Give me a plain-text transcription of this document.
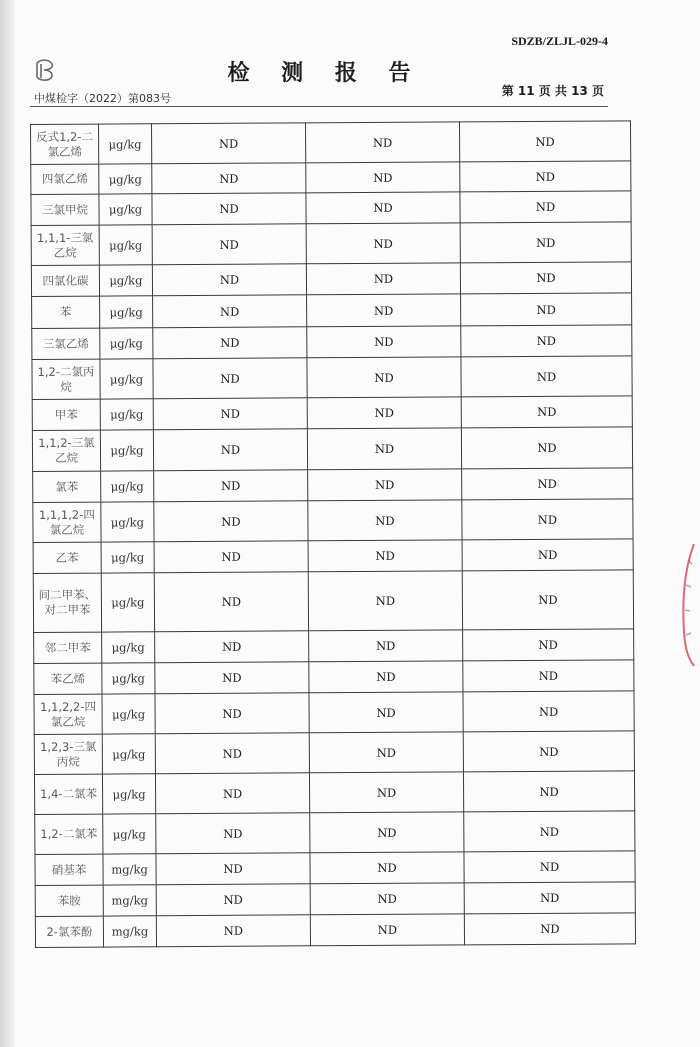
SDZB/ZLJL-029-4
检 测 报 告
中煤检字（2022）第083号
第 11 页 共 13 页
反式1,2-二氯乙烯	μg/kg	ND	ND	ND
四氯乙烯	μg/kg	ND	ND	ND
三氯甲烷	μg/kg	ND	ND	ND
1,1,1-三氯乙烷	μg/kg	ND	ND	ND
四氯化碳	μg/kg	ND	ND	ND
苯	μg/kg	ND	ND	ND
三氯乙烯	μg/kg	ND	ND	ND
1,2-二氯丙烷	μg/kg	ND	ND	ND
甲苯	μg/kg	ND	ND	ND
1,1,2-三氯乙烷	μg/kg	ND	ND	ND
氯苯	μg/kg	ND	ND	ND
1,1,1,2-四氯乙烷	μg/kg	ND	ND	ND
乙苯	μg/kg	ND	ND	ND
间二甲苯、对二甲苯	μg/kg	ND	ND	ND
邻二甲苯	μg/kg	ND	ND	ND
苯乙烯	μg/kg	ND	ND	ND
1,1,2,2-四氯乙烷	μg/kg	ND	ND	ND
1,2,3-三氯丙烷	μg/kg	ND	ND	ND
1,4-二氯苯	μg/kg	ND	ND	ND
1,2-二氯苯	μg/kg	ND	ND	ND
硝基苯	mg/kg	ND	ND	ND
苯胺	mg/kg	ND	ND	ND
2-氯苯酚	mg/kg	ND	ND	ND
